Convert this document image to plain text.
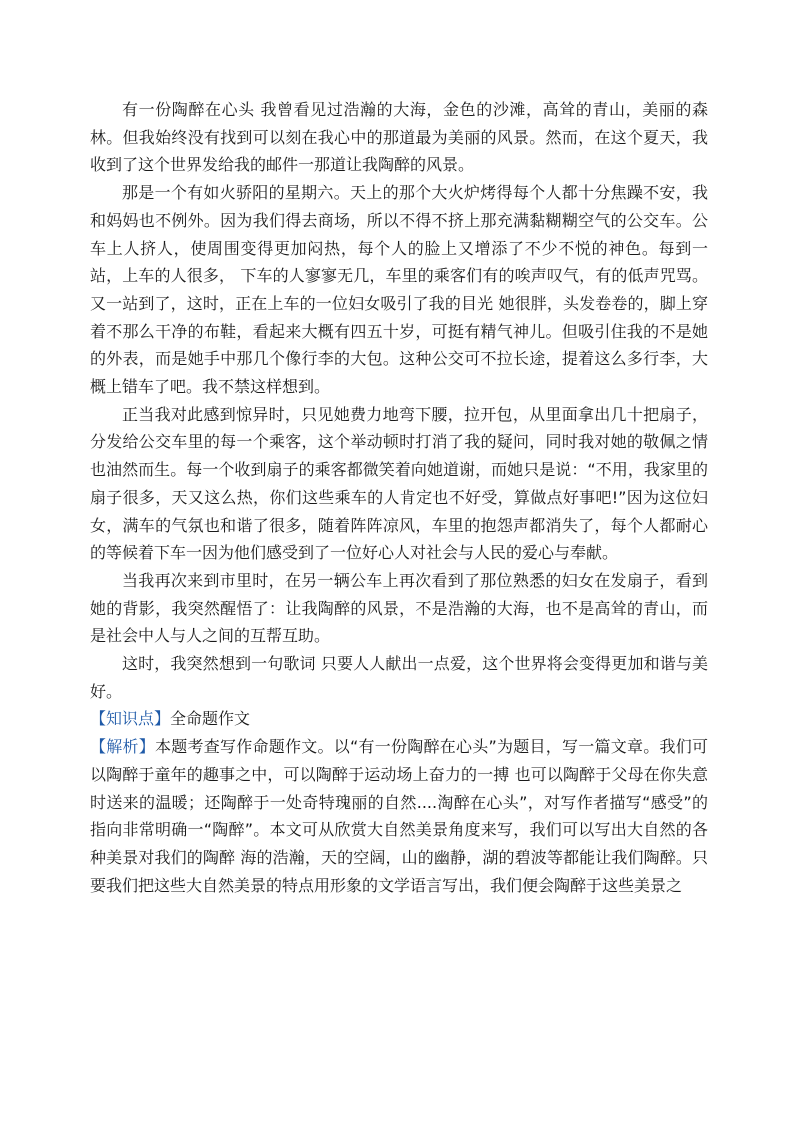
有一份陶醉在心头 我曾看见过浩瀚的大海，金色的沙滩，高耸的青山，美丽的森林。但我始终没有找到可以刻在我心中的那道最为美丽的风景。然而，在这个夏天，我收到了这个世界发给我的邮件一那道让我陶醉的风景。

那是一个有如火骄阳的星期六。天上的那个大火炉烤得每个人都十分焦躁不安，我和妈妈也不例外。因为我们得去商场，所以不得不挤上那充满黏糊糊空气的公交车。公车上人挤人，使周围变得更加闷热，每个人的脸上又增添了不少不悦的神色。每到一站，上车的人很多， 下车的人寥寥无几，车里的乘客们有的唉声叹气，有的低声咒骂。又一站到了，这时，正在上车的一位妇女吸引了我的目光 她很胖，头发卷卷的，脚上穿着不那么干净的布鞋，看起来大概有四五十岁，可挺有精气神儿。但吸引住我的不是她的外表，而是她手中那几个像行李的大包。这种公交可不拉长途，提着这么多行李，大概上错车了吧。我不禁这样想到。

正当我对此感到惊异时，只见她费力地弯下腰，拉开包，从里面拿出几十把扇子，分发给公交车里的每一个乘客，这个举动顿时打消了我的疑问，同时我对她的敬佩之情也油然而生。每一个收到扇子的乘客都微笑着向她道谢，而她只是说：“不用，我家里的扇子很多，天又这么热，你们这些乘车的人肯定也不好受，算做点好事吧!”因为这位妇女，满车的气氛也和谐了很多，随着阵阵凉风，车里的抱怨声都消失了，每个人都耐心的等候着下车一因为他们感受到了一位好心人对社会与人民的爱心与奉献。

当我再次来到市里时，在另一辆公车上再次看到了那位熟悉的妇女在发扇子，看到她的背影，我突然醒悟了：让我陶醉的风景，不是浩瀚的大海，也不是高耸的青山，而是社会中人与人之间的互帮互助。

这时，我突然想到一句歌词 只要人人献出一点爱，这个世界将会变得更加和谐与美好。

【知识点】全命题作文

【解析】本题考查写作命题作文。以“有一份陶醉在心头”为题目，写一篇文章。我们可以陶醉于童年的趣事之中，可以陶醉于运动场上奋力的一搏 也可以陶醉于父母在你失意时送来的温暖；还陶醉于一处奇特瑰丽的自然....淘醉在心头”，对写作者描写“感受”的指向非常明确一“陶醉”。本文可从欣赏大自然美景角度来写，我们可以写出大自然的各种美景对我们的陶醉 海的浩瀚，天的空阔，山的幽静，湖的碧波等都能让我们陶醉。只要我们把这些大自然美景的特点用形象的文学语言写出，我们便会陶醉于这些美景之
